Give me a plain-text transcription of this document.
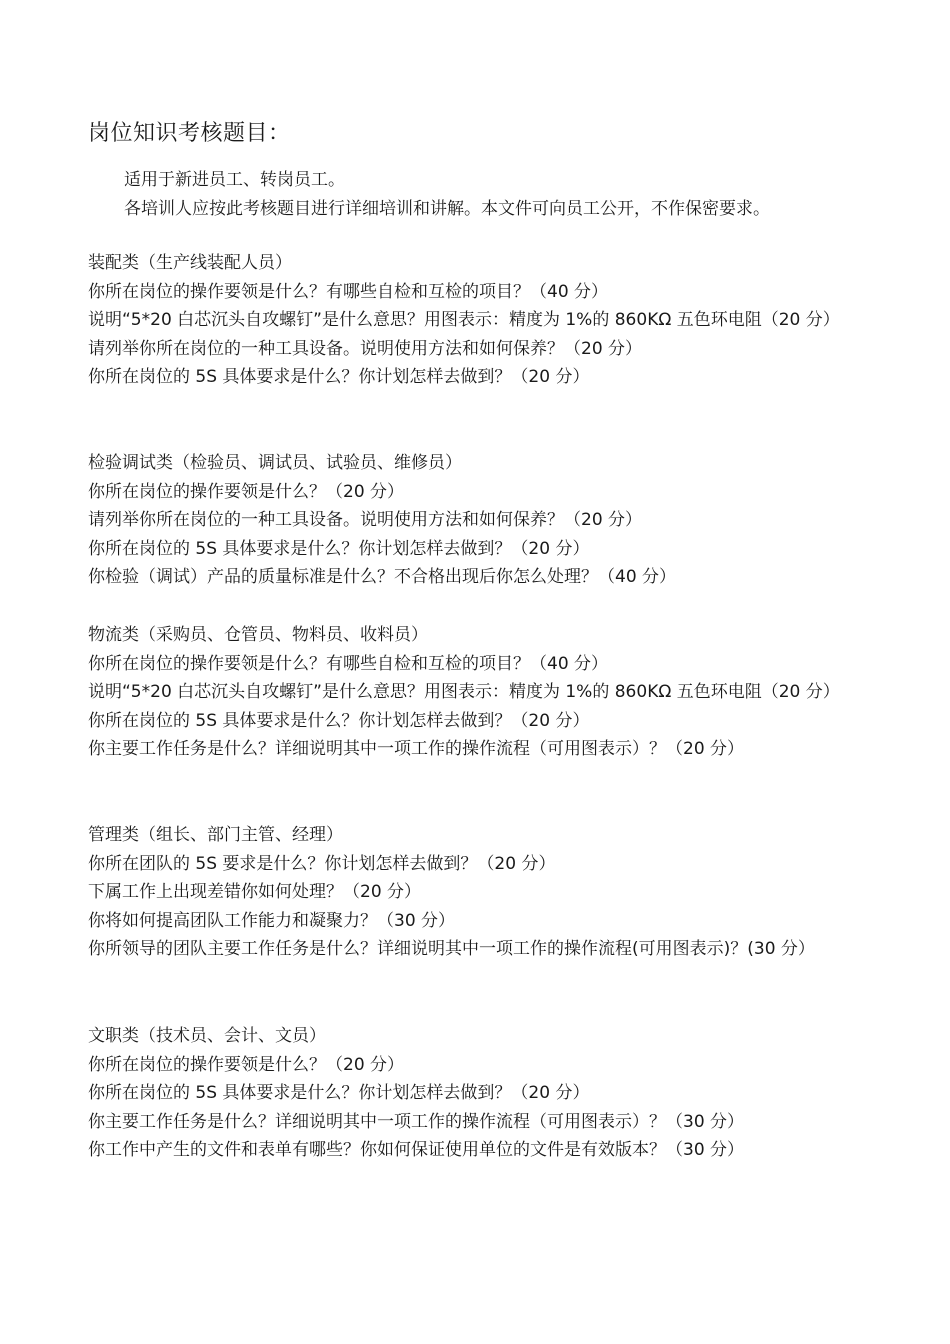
岗位知识考核题目：
适用于新进员工、转岗员工。
各培训人应按此考核题目进行详细培训和讲解。本文件可向员工公开，不作保密要求。
装配类（生产线装配人员）
你所在岗位的操作要领是什么？有哪些自检和互检的项目？（40 分）
说明“5*20 白芯沉头自攻螺钉”是什么意思？用图表示：精度为 1%的 860KΩ 五色环电阻（20 分）
请列举你所在岗位的一种工具设备。说明使用方法和如何保养？（20 分）
你所在岗位的 5S 具体要求是什么？你计划怎样去做到？（20 分）
检验调试类（检验员、调试员、试验员、维修员）
你所在岗位的操作要领是什么？（20 分）
请列举你所在岗位的一种工具设备。说明使用方法和如何保养？（20 分）
你所在岗位的 5S 具体要求是什么？你计划怎样去做到？（20 分）
你检验（调试）产品的质量标准是什么？不合格出现后你怎么处理？（40 分）
物流类（采购员、仓管员、物料员、收料员）
你所在岗位的操作要领是什么？有哪些自检和互检的项目？（40 分）
说明“5*20 白芯沉头自攻螺钉”是什么意思？用图表示：精度为 1%的 860KΩ 五色环电阻（20 分）
你所在岗位的 5S 具体要求是什么？你计划怎样去做到？（20 分）
你主要工作任务是什么？详细说明其中一项工作的操作流程（可用图表示）？（20 分）
管理类（组长、部门主管、经理）
你所在团队的 5S 要求是什么？你计划怎样去做到？（20 分）
下属工作上出现差错你如何处理？（20 分）
你将如何提高团队工作能力和凝聚力？（30 分）
你所领导的团队主要工作任务是什么？详细说明其中一项工作的操作流程(可用图表示)？(30 分）
文职类（技术员、会计、文员）
你所在岗位的操作要领是什么？（20 分）
你所在岗位的 5S 具体要求是什么？你计划怎样去做到？（20 分）
你主要工作任务是什么？详细说明其中一项工作的操作流程（可用图表示）？（30 分）
你工作中产生的文件和表单有哪些？你如何保证使用单位的文件是有效版本？（30 分）
